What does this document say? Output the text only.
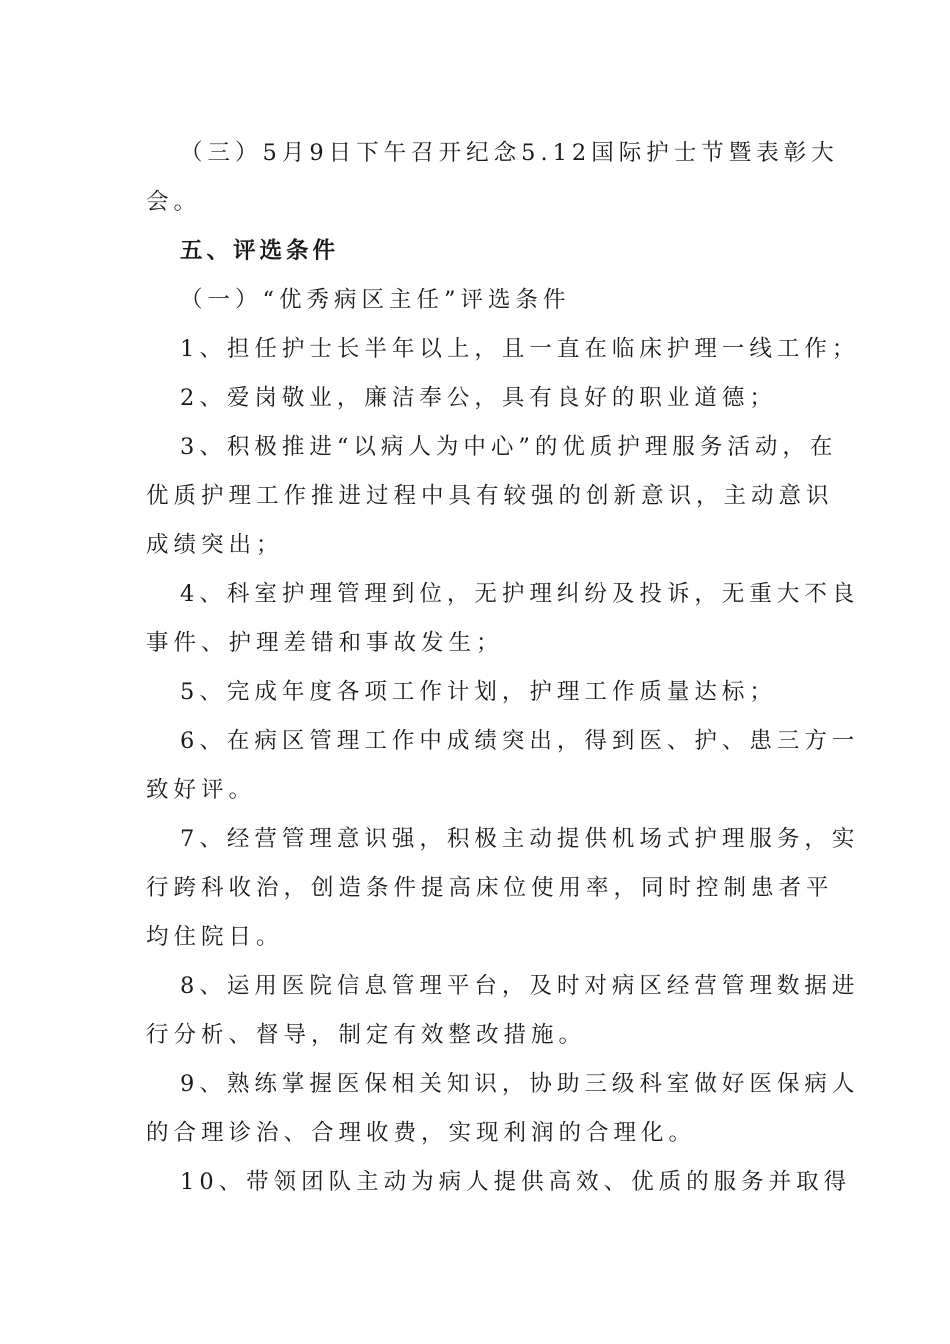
（三）5月9日下午召开纪念5.12国际护士节暨表彰大
会。
五、评选条件
（一）“优秀病区主任”评选条件
1、担任护士长半年以上，且一直在临床护理一线工作；
2、爱岗敬业，廉洁奉公，具有良好的职业道德；
3、积极推进“以病人为中心”的优质护理服务活动，在
优质护理工作推进过程中具有较强的创新意识，主动意识
成绩突出；
4、科室护理管理到位，无护理纠纷及投诉，无重大不良
事件、护理差错和事故发生；
5、完成年度各项工作计划，护理工作质量达标；
6、在病区管理工作中成绩突出，得到医、护、患三方一
致好评。
7、经营管理意识强，积极主动提供机场式护理服务，实
行跨科收治，创造条件提高床位使用率，同时控制患者平
均住院日。
8、运用医院信息管理平台，及时对病区经营管理数据进
行分析、督导，制定有效整改措施。
9、熟练掌握医保相关知识，协助三级科室做好医保病人
的合理诊治、合理收费，实现利润的合理化。
10、带领团队主动为病人提供高效、优质的服务并取得
